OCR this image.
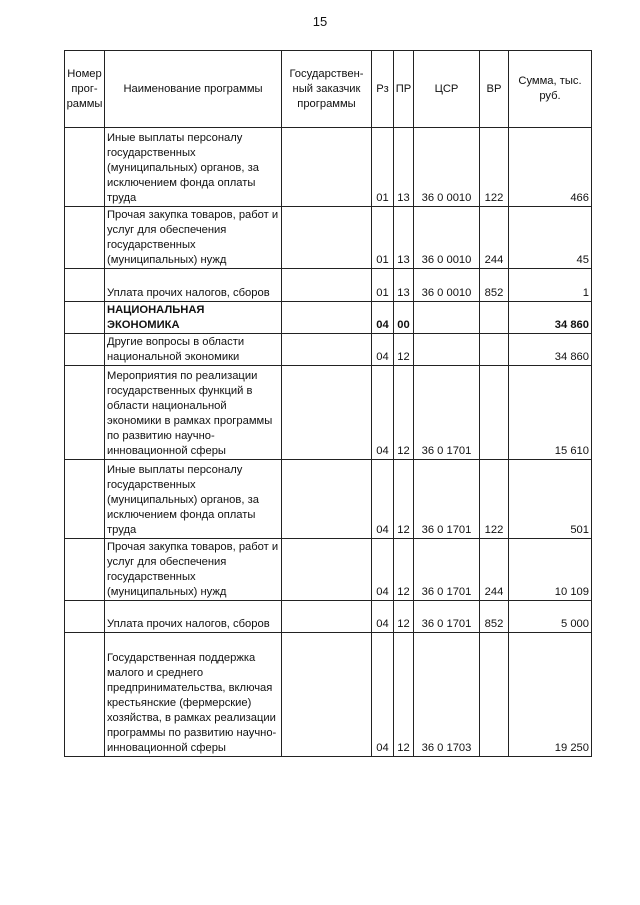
15
Номер прог-раммы	Наименование программы	Государствен-ный заказчик программы	Рз	ПР	ЦСР	ВР	Сумма, тыс. руб.
	Иные выплаты персоналу государственных (муниципальных) органов, за исключением фонда оплаты труда		01	13	36 0 0010	122	466
	Прочая закупка товаров, работ и услуг для обеспечения государственных (муниципальных) нужд		01	13	36 0 0010	244	45
	Уплата прочих налогов, сборов		01	13	36 0 0010	852	1
	НАЦИОНАЛЬНАЯ ЭКОНОМИКА		04	00			34 860
	Другие вопросы в области национальной экономики		04	12			34 860
	Мероприятия по реализации государственных функций в области национальной экономики в рамках программы по развитию научно-инновационной сферы		04	12	36 0 1701		15 610
	Иные выплаты персоналу государственных (муниципальных) органов, за исключением фонда оплаты труда		04	12	36 0 1701	122	501
	Прочая закупка товаров, работ и услуг для обеспечения государственных (муниципальных) нужд		04	12	36 0 1701	244	10 109
	Уплата прочих налогов, сборов		04	12	36 0 1701	852	5 000
	Государственная поддержка малого и среднего предпринимательства, включая крестьянские (фермерские) хозяйства, в рамках реализации программы по развитию научно-инновационной сферы		04	12	36 0 1703		19 250
